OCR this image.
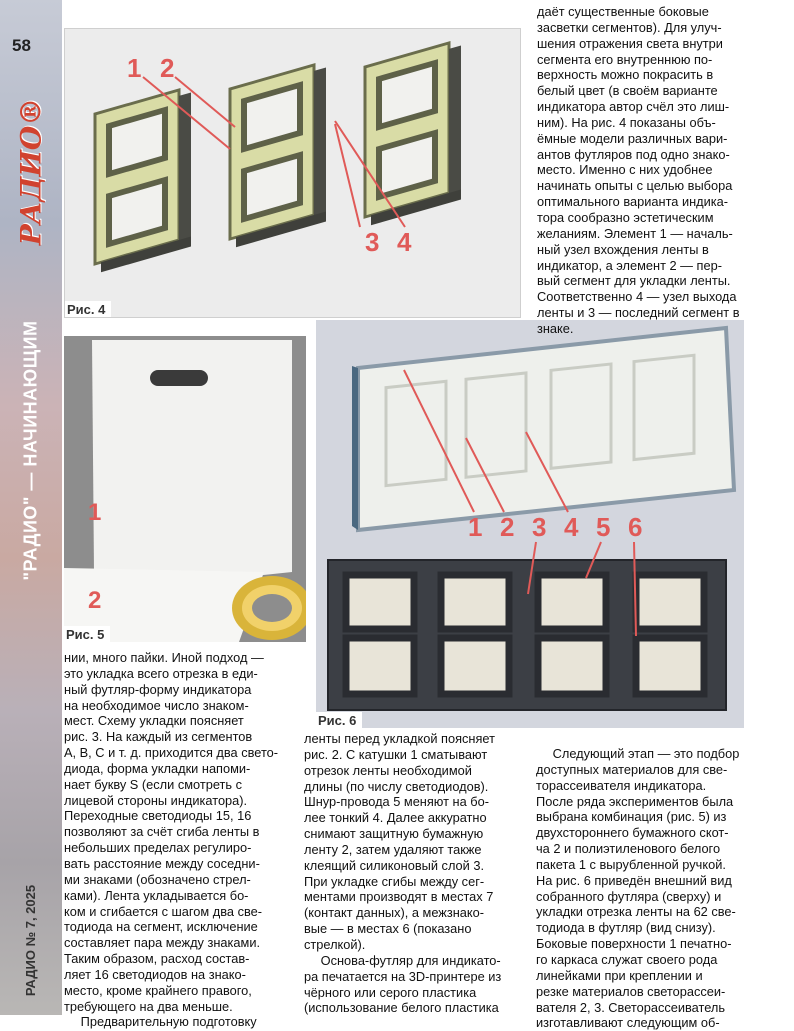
58
РАДИО®
"РАДИО" — НАЧИНАЮЩИМ
РАДИО № 7, 2025
1 2
3 4
Рис. 4
1
2
Рис. 5
1 2 3 4 5 6
Рис. 6

даёт существенные боковые
засветки сегментов). Для улуч-
шения отражения света внутри
сегмента его внутреннюю по-
верхность можно покрасить в
белый цвет (в своём варианте
индикатора автор счёл это лиш-
ним). На рис. 4 показаны объ-
ёмные модели различных вари-
антов футляров под одно знако-
место. Именно с них удобнее
начинать опыты с целью выбора
оптимального варианта индика-
тора сообразно эстетическим
желаниям. Элемент 1 — началь-
ный узел вхождения ленты в
индикатор, а элемент 2 — пер-
вый сегмент для укладки ленты.
Соответственно 4 — узел выхода
ленты и 3 — последний сегмент в
знаке.

нии, много пайки. Иной подход —
это укладка всего отрезка в еди-
ный футляр-форму индикатора
на необходимое число знаком-
мест. Схему укладки поясняет
рис. 3. На каждый из сегментов
A, B, C и т. д. приходится два свето-
диода, форма укладки напоми-
нает букву S (если смотреть с
лицевой стороны индикатора).
Переходные светодиоды 15, 16
позволяют за счёт сгиба ленты в
небольших пределах регулиро-
вать расстояние между соседни-
ми знаками (обозначено стрел-
ками). Лента укладывается бо-
ком и сгибается с шагом два све-
тодиода на сегмент, исключение
составляет пара между знаками.
Таким образом, расход состав-
ляет 16 светодиодов на знако-
место, кроме крайнего правого,
требующего на два меньше.

Предварительную подготовку

ленты перед укладкой поясняет
рис. 2. С катушки 1 сматывают
отрезок ленты необходимой
длины (по числу светодиодов).
Шнур-провода 5 меняют на бо-
лее тонкий 4. Далее аккуратно
снимают защитную бумажную
ленту 2, затем удаляют также
клеящий силиконовый слой 3.
При укладке сгибы между сег-
ментами производят в местах 7
(контакт данных), а межзнако-
вые — в местах 6 (показано
стрелкой).

Основа-футляр для индикато-
ра печатается на 3D-принтере из
чёрного или серого пластика
(использование белого пластика

Следующий этап — это подбор
доступных материалов для све-
торассеивателя индикатора.
После ряда экспериментов была
выбрана комбинация (рис. 5) из
двухстороннего бумажного скот-
ча 2 и полиэтиленового белого
пакета 1 с вырубленной ручкой.
На рис. 6 приведён внешний вид
собранного футляра (сверху) и
укладки отрезка ленты на 62 све-
тодиода в футляр (вид снизу).
Боковые поверхности 1 печатно-
го каркаса служат своего рода
линейками при креплении и
резке материалов светорассеи-
вателя 2, 3. Светорассеиватель
изготавливают следующим об-
